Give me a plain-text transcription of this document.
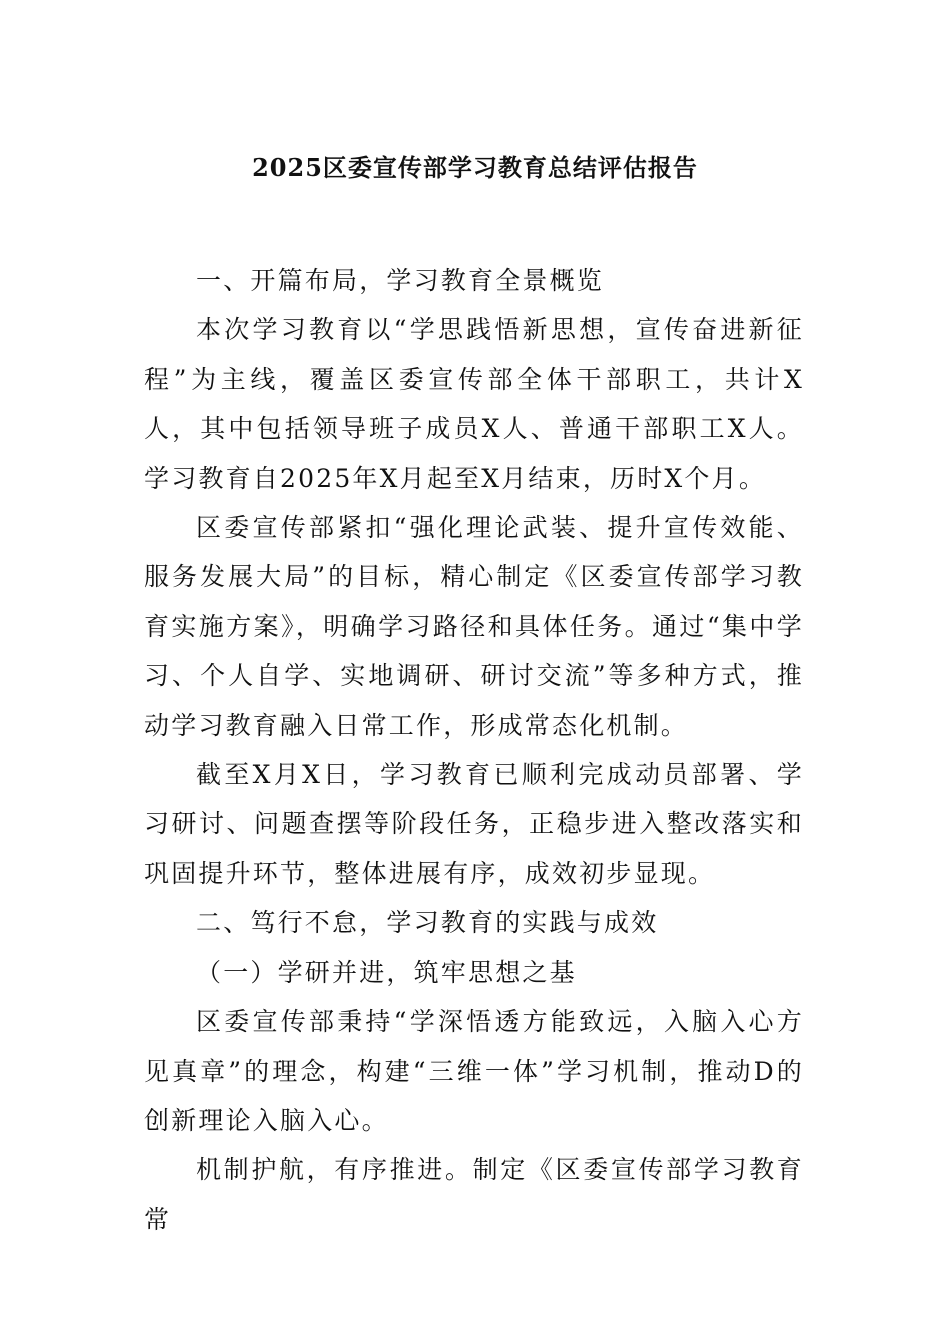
2025区委宣传部学习教育总结评估报告

一、开篇布局，学习教育全景概览

本次学习教育以“学思践悟新思想，宣传奋进新征程”为主线，覆盖区委宣传部全体干部职工，共计X人，其中包括领导班子成员X人、普通干部职工X人。学习教育自2025年X月起至X月结束，历时X个月。

区委宣传部紧扣“强化理论武装、提升宣传效能、服务发展大局”的目标，精心制定《区委宣传部学习教育实施方案》，明确学习路径和具体任务。通过“集中学习、个人自学、实地调研、研讨交流”等多种方式，推动学习教育融入日常工作，形成常态化机制。

截至X月X日，学习教育已顺利完成动员部署、学习研讨、问题查摆等阶段任务，正稳步进入整改落实和巩固提升环节，整体进展有序，成效初步显现。

二、笃行不怠，学习教育的实践与成效

（一）学研并进，筑牢思想之基

区委宣传部秉持“学深悟透方能致远，入脑入心方见真章”的理念，构建“三维一体”学习机制，推动D的创新理论入脑入心。

机制护航，有序推进。制定《区委宣传部学习教育常
